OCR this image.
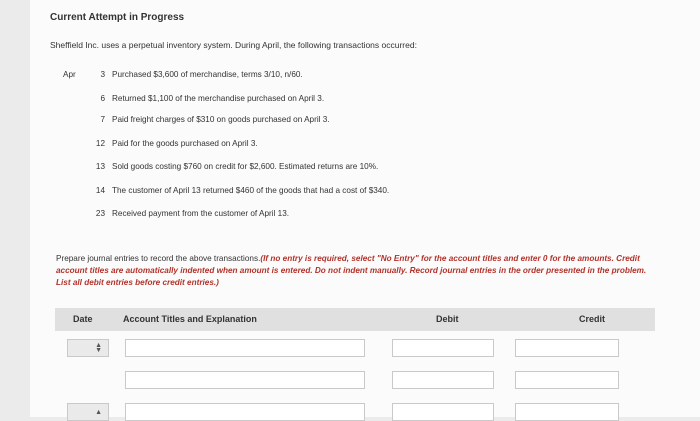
Current Attempt in Progress
Sheffield Inc. uses a perpetual inventory system. During April, the following transactions occurred:
Apr	3 Purchased $3,600 of merchandise, terms 3/10, n/60.
6 Returned $1,100 of the merchandise purchased on April 3.
7 Paid freight charges of $310 on goods purchased on April 3.
12 Paid for the goods purchased on April 3.
13 Sold goods costing $760 on credit for $2,600. Estimated returns are 10%.
14 The customer of April 13 returned $460 of the goods that had a cost of $340.
23 Received payment from the customer of April 13.
Prepare journal entries to record the above transactions.(If no entry is required, select "No Entry" for the account titles and enter 0 for the amounts. Credit account titles are automatically indented when amount is entered. Do not indent manually. Record journal entries in the order presented in the problem. List all debit entries before credit entries.)
Date	Account Titles and Explanation	Debit	Credit
▲
▼
▲
